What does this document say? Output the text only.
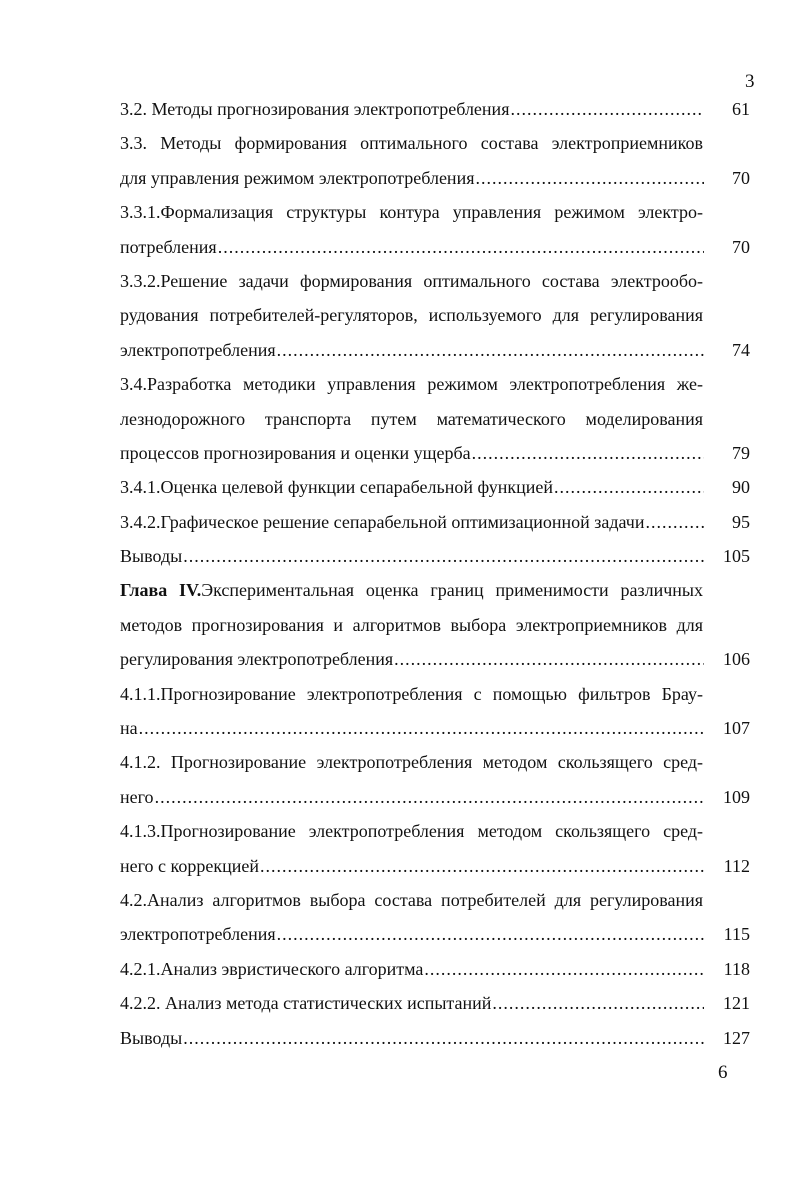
3
3.2. Методы прогнозирования электропотребления .....	61
3.3. Методы формирования оптимального состава электроприемников
для управления режимом электропотребления .....	70
3.3.1.Формализация структуры контура управления режимом электро-
потребления .....	70
3.3.2.Решение задачи формирования оптимального состава электрообо-
рудования потребителей-регуляторов, используемого для регулирования
электропотребления .....	74
3.4.Разработка методики управления режимом электропотребления же-
лезнодорожного транспорта путем математического моделирования
процессов прогнозирования и оценки ущерба .....	79
3.4.1.Оценка целевой функции сепарабельной функцией .....	90
3.4.2.Графическое решение сепарабельной оптимизационной задачи .....	95
Выводы .....	105
Глава IV.Экспериментальная оценка границ применимости различных
методов прогнозирования и алгоритмов выбора электроприемников для
регулирования электропотребления .....	106
4.1.1.Прогнозирование электропотребления с помощью фильтров Брау-
на .....	107
4.1.2. Прогнозирование электропотребления методом скользящего сред-
него .....	109
4.1.3.Прогнозирование электропотребления методом скользящего сред-
него с коррекцией .....	112
4.2.Анализ алгоритмов выбора состава потребителей для регулирования
электропотребления .....	115
4.2.1.Анализ эвристического алгоритма .....	118
4.2.2. Анализ метода статистических испытаний .....	121
Выводы .....	127
6
